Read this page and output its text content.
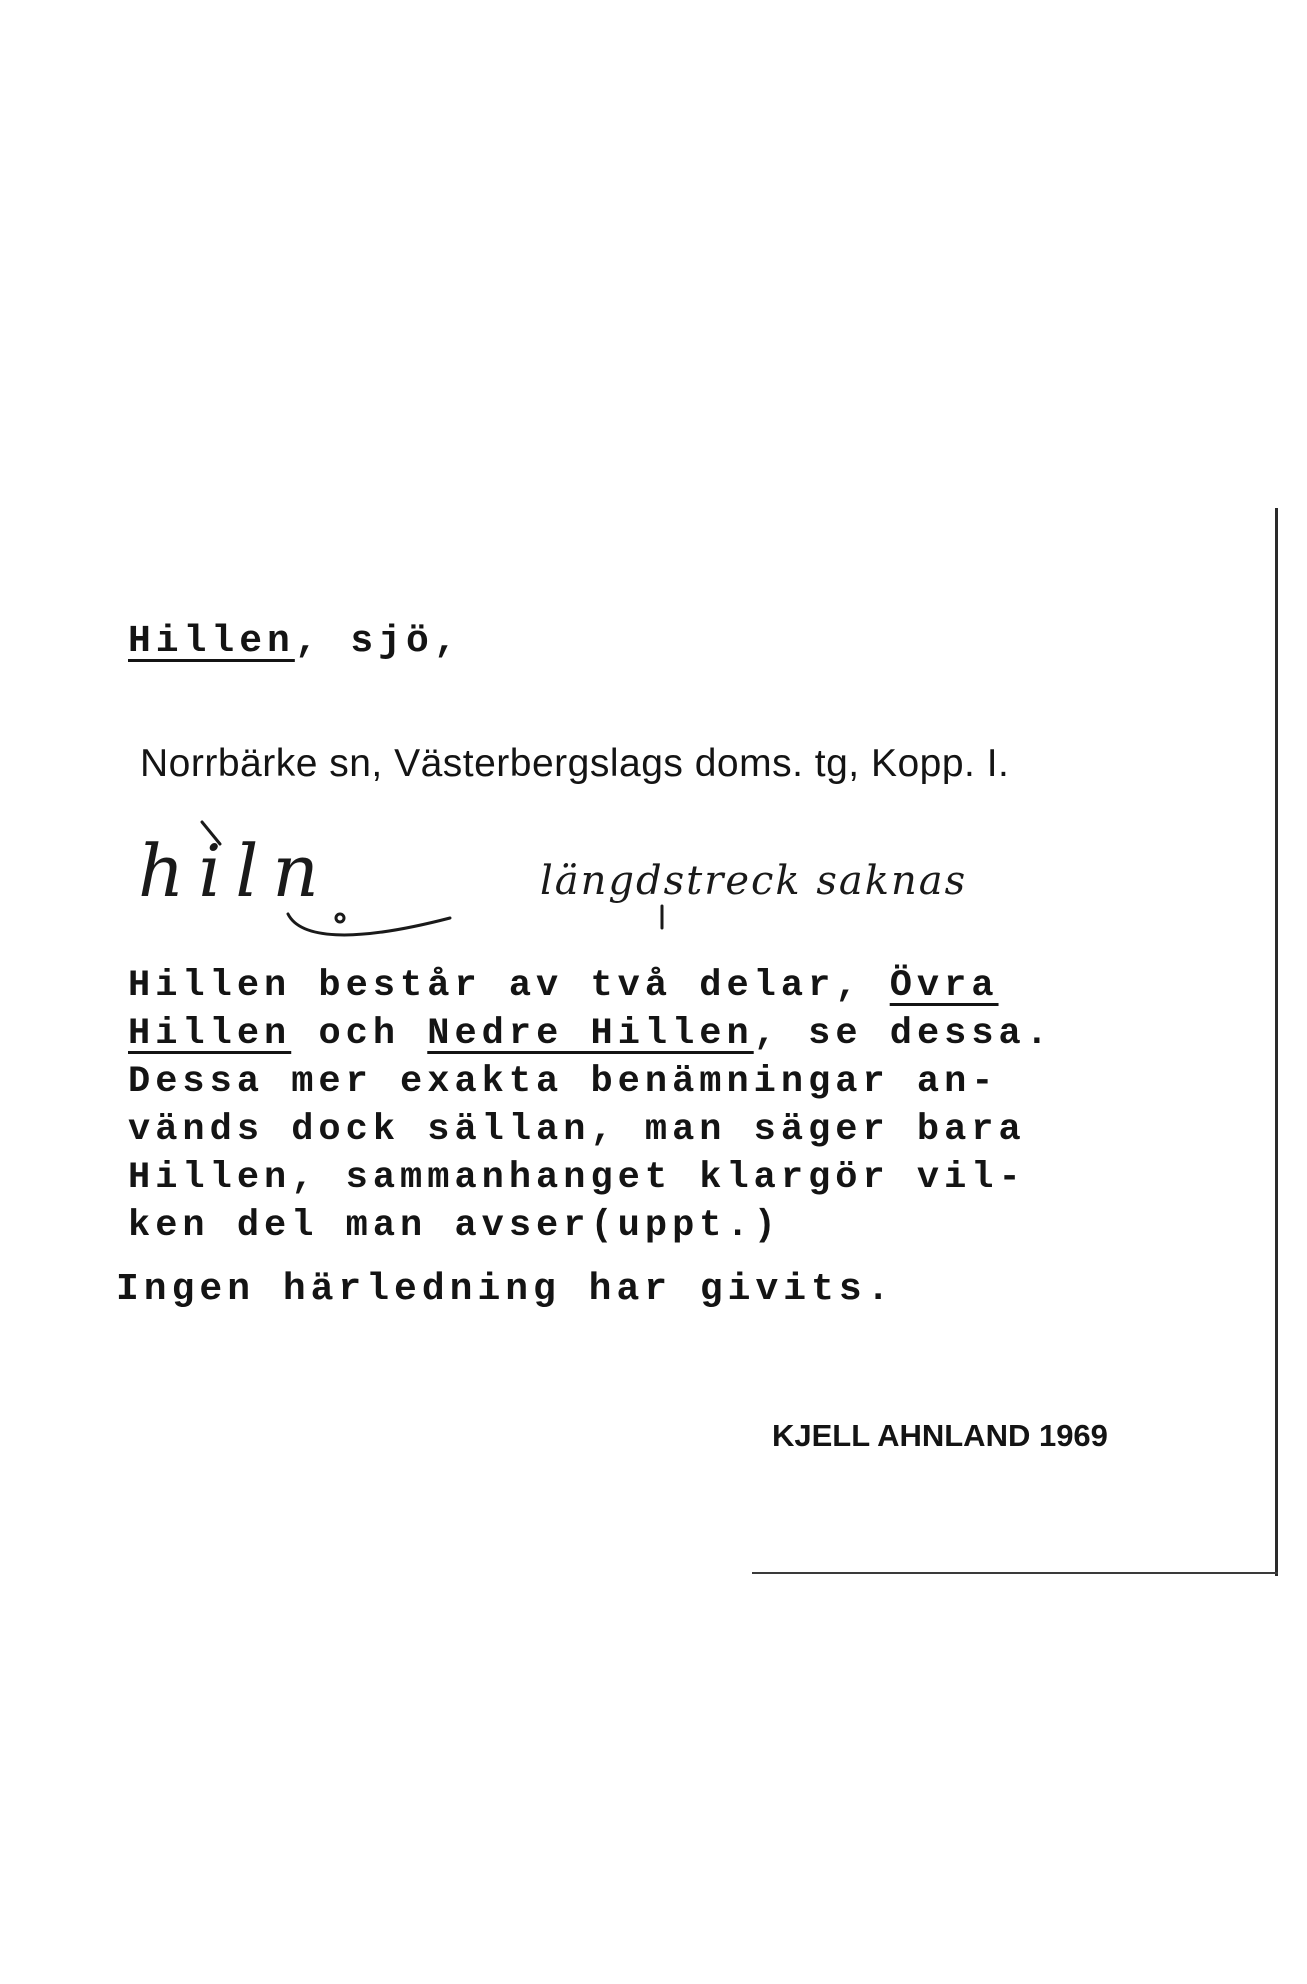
Hillen, sjö,

Norrbärke sn, Västerbergslags doms. tg, Kopp. I.

hiln	längdstreck saknas
Hillen består av två delar, Övra
Hillen och Nedre Hillen, se dessa.
Dessa mer exakta benämningar an-
vänds dock sällan, man säger bara
Hillen, sammanhanget klargör vil-
ken del man avser(uppt.)

Ingen härledning har givits.

KJELL AHNLAND 1969
